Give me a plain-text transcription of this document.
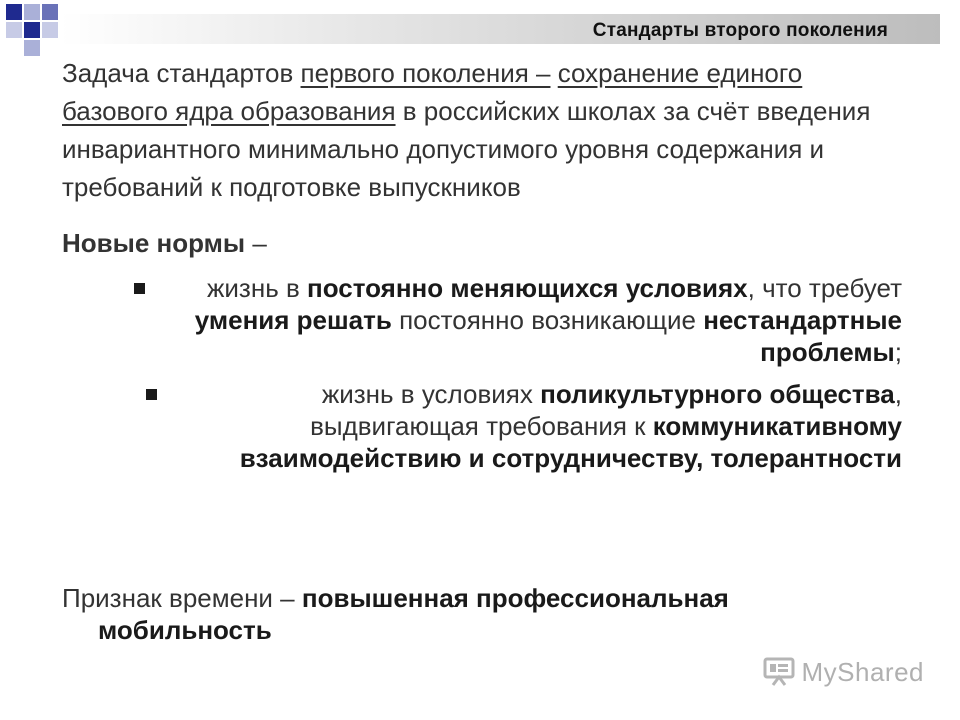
Стандарты второго поколения
Задача стандартов первого поколения – сохранение единого базового ядра образования в российских школах за счёт введения инвариантного минимально допустимого уровня содержания и требований к подготовке выпускников
Новые нормы –
жизнь в постоянно меняющихся условиях, что требует умения решать постоянно возникающие нестандартные проблемы;
жизнь в условиях поликультурного общества, выдвигающая требования к коммуникативному взаимодействию и сотрудничеству, толерантности
Признак времени – повышенная профессиональная
мобильность
MyShared
